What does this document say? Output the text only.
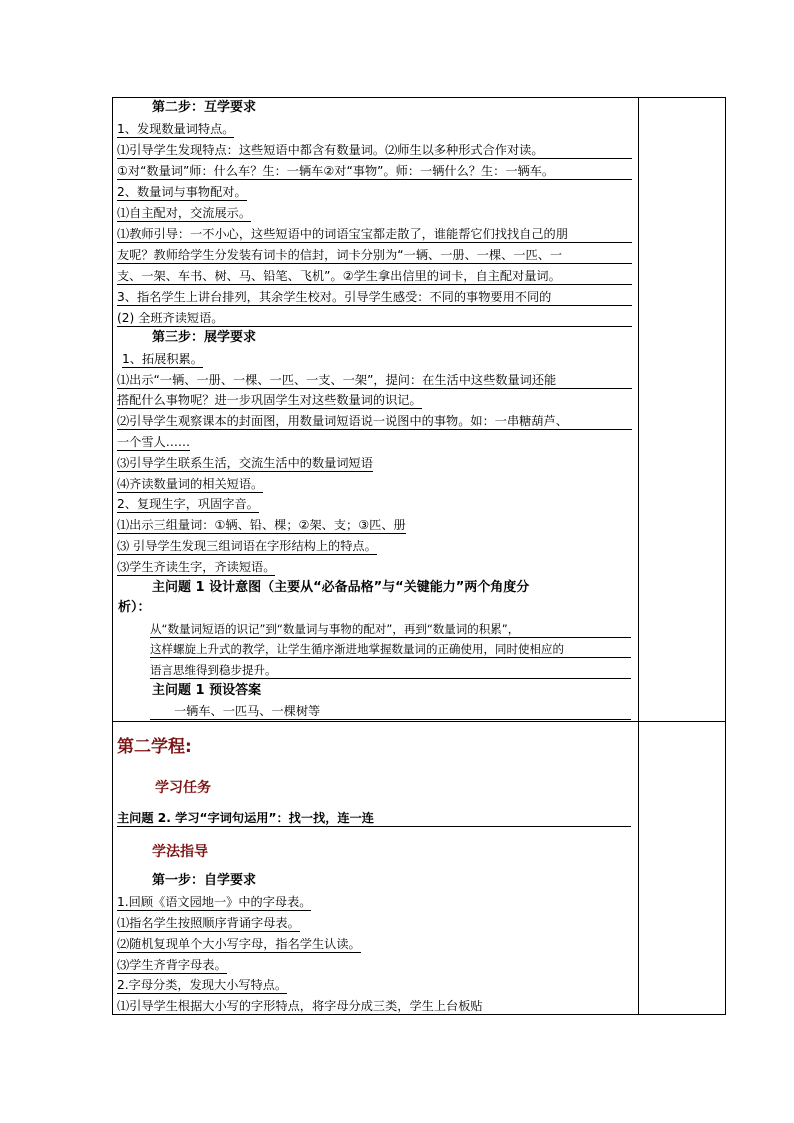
第二步：互学要求
1、发现数量词特点。
⑴引导学生发现特点：这些短语中都含有数量词。⑵师生以多种形式合作对读。
①对“数量词”师：什么车？生：一辆车②对“事物”。师：一辆什么？生：一辆车。
2、数量词与事物配对。
⑴自主配对，交流展示。
⑴教师引导：一不小心，这些短语中的词语宝宝都走散了，谁能帮它们找找自己的朋
友呢？教师给学生分发装有词卡的信封，词卡分别为“一辆、一册、一棵、一匹、一
支、一架、车书、树、马、铅笔、飞机”。②学生拿出信里的词卡，自主配对量词。
3、指名学生上讲台排列，其余学生校对。引导学生感受：不同的事物要用不同的
(2) 全班齐读短语。
第三步：展学要求
1、拓展积累。
⑴出示“一辆、一册、一棵、一匹、一支、一架”，提问：在生活中这些数量词还能
搭配什么事物呢？进一步巩固学生对这些数量词的识记。
⑵引导学生观察课本的封面图，用数量词短语说一说图中的事物。如：一串糖葫芦、
一个雪人……
⑶引导学生联系生活，交流生活中的数量词短语
⑷齐读数量词的相关短语。
2、复现生字，巩固字音。
⑴出示三组量词：①辆、铅、棵；②架、支；③匹、册
⑶ 引导学生发现三组词语在字形结构上的特点。
⑶学生齐读生字，齐读短语。
主问题 1 设计意图（主要从“必备品格”与“关键能力”两个角度分
析）：
从“数量词短语的识记”到“数量词与事物的配对”，再到“数量词的积累”，
这样螺旋上升式的教学，让学生循序渐进地掌握数量词的正确使用，同时使相应的
语言思维得到稳步提升。
主问题 1 预设答案
一辆车、一匹马、一棵树等
第二学程:
学习任务
主问题 2. 学习“字词句运用”：找一找，连一连
学法指导
第一步：自学要求
1.回顾《语文园地一》中的字母表。
⑴指名学生按照顺序背诵字母表。
⑵随机复现单个大小写字母，指名学生认读。
⑶学生齐背字母表。
2.字母分类，发现大小写特点。
⑴引导学生根据大小写的字形特点，将字母分成三类，学生上台板贴
